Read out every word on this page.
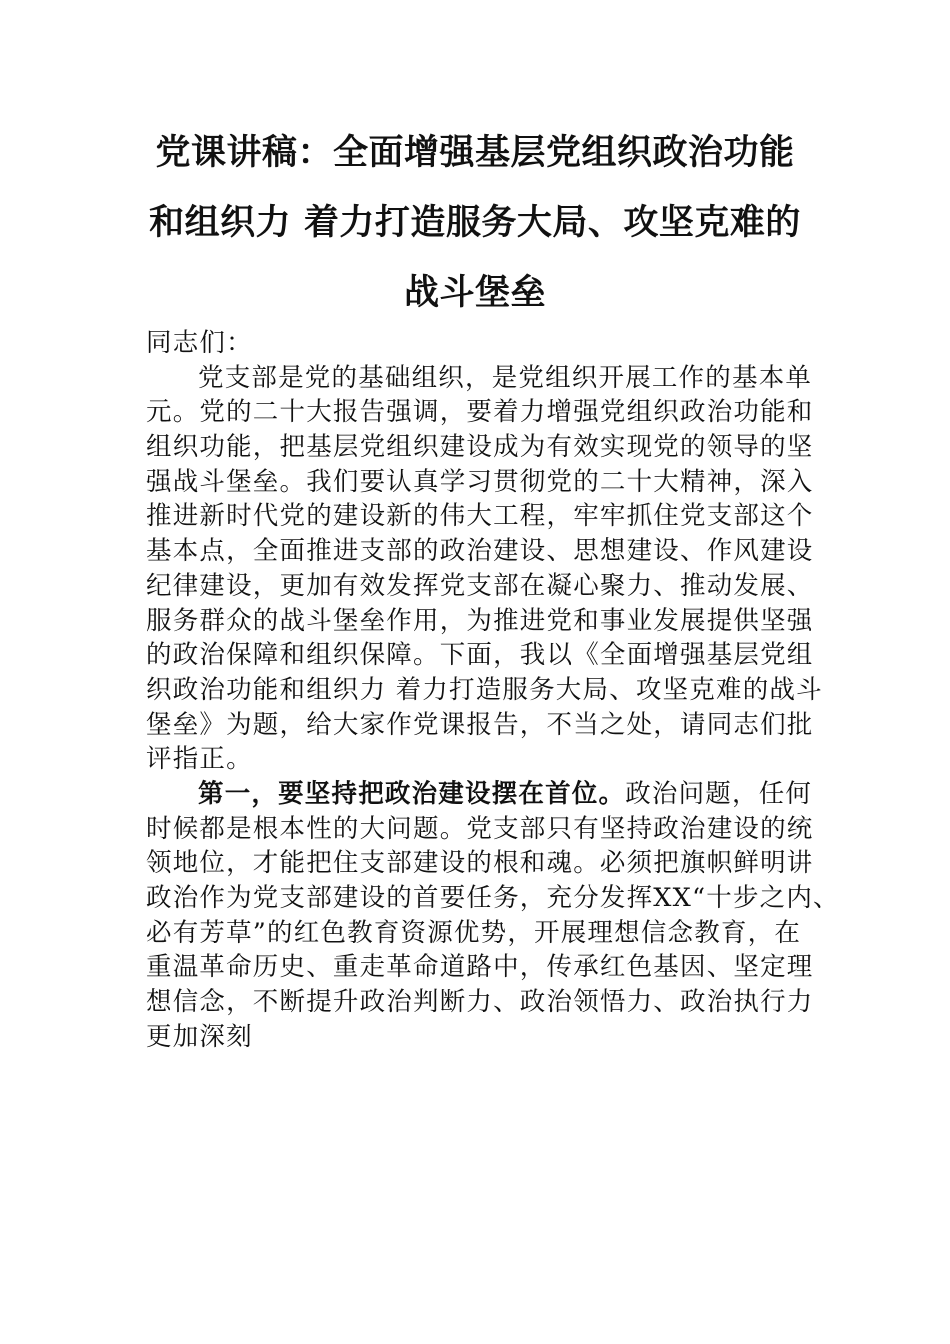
党课讲稿：全面增强基层党组织政治功能
和组织力 着力打造服务大局、攻坚克难的
战斗堡垒
同志们：
党支部是党的基础组织，是党组织开展工作的基本单
元。党的二十大报告强调，要着力增强党组织政治功能和
组织功能，把基层党组织建设成为有效实现党的领导的坚
强战斗堡垒。我们要认真学习贯彻党的二十大精神，深入
推进新时代党的建设新的伟大工程，牢牢抓住党支部这个
基本点，全面推进支部的政治建设、思想建设、作风建设
纪律建设，更加有效发挥党支部在凝心聚力、推动发展、
服务群众的战斗堡垒作用，为推进党和事业发展提供坚强
的政治保障和组织保障。下面，我以《全面增强基层党组
织政治功能和组织力 着力打造服务大局、攻坚克难的战斗
堡垒》为题，给大家作党课报告，不当之处，请同志们批
评指正。
第一，要坚持把政治建设摆在首位。政治问题，任何
时候都是根本性的大问题。党支部只有坚持政治建设的统
领地位，才能把住支部建设的根和魂。必须把旗帜鲜明讲
政治作为党支部建设的首要任务，充分发挥XX“十步之内、
必有芳草”的红色教育资源优势，开展理想信念教育，在
重温革命历史、重走革命道路中，传承红色基因、坚定理
想信念，不断提升政治判断力、政治领悟力、政治执行力
更加深刻
